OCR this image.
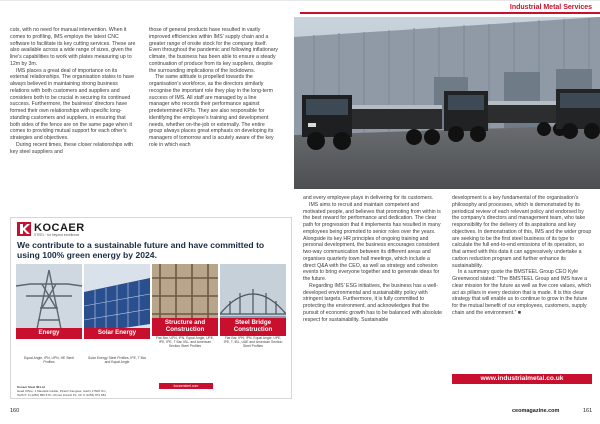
Industrial Metal Services

cuts, with no need for manual intervention. When it comes to profiling, IMS employs the latest CNC software to facilitate its key cutting services. These are also available across a wide range of sizes, given the line’s capabilities to work with plates measuring up to 12m by 3m.

IMS places a great deal of importance on its external relationships. The organisation states to have always believed in maintaining strong business relations with both customers and suppliers and considers both to be crucial in securing its continued success. Furthermore, the business’ directors have formed their own relationships with specific long-standing customers and suppliers, in ensuring that both sides of the fence are on the same page when it comes to providing mutual support for each other’s strategies and objectives.

During recent times, these closer relationships with key steel suppliers and

those of general products have resulted in vastly improved efficiencies within IMS’ supply chain and a greater range of onsite stock for the company itself. Even throughout the pandemic and following inflationary climate, the business has been able to ensure a steady continuation of produce from its key suppliers, despite the surrounding implications of the lockdowns.

The same attitude is propelled towards the organisation’s workforce, as the directors similarly recognise the important role they play in the long-term success of IMS. All staff are managed by a line manager who records their performance against predetermined KPIs. They are also responsible for identifying the employee’s training and development needs, whether on-the-job or externally. The entire group always places great emphasis on developing its managers of tomorrow and is acutely aware of the key role in which each

KOCAER
STEEL · for beyond excellence
We contribute to a sustainable future and have committed to using 100% green energy by 2024.
Energy
Equal Angle, IPN, UPN, HE Steel Profiles
Solar Energy
Solar Energy Steel Profiles, IPE, T Bar and Equal Angle
Structure and Construction
Flat Bar, UPN, IPN, Equal Angle, UPE, IPE, IPE, T Bar, IBL, and American Section Steel Profiles
Steel Bridge Construction
Flat Bar, IPN, IPN, Equal Angle, UPE, IPE, T, IBL, UAE and American Section Steel Profiles
kocaersteel.com
Kocaer Steel IM Ltd
Head Office: 1 Mandela Cadde, Piraziz Kangsas, Gaziri 17500 Izm
Tel/ICT: 0 (1256) 899 679 • Ahmet Icicanli Ptr. 10: 0 (1256) 874 684

and every employee plays in delivering for its customers.

IMS aims to recruit and maintain competent and motivated people, and believes that promoting from within is the best reward for performance and dedication. The clear path for progression that it implements has resulted in many employees being promoted to senior roles over the years. Alongside its key HR principles of ongoing training and personal development, the business encourages consistent two-way communication between its different areas and organises quarterly town hall meetings, which include a direct Q&A with the CEO, as well as strategy and cohesion events to bring everyone together and to generate ideas for the future.

Regarding IMS’ ESG initiatives, the business has a well-developed environmental and sustainability policy with stringent targets. Furthermore, it is fully committed to protecting the environment, and acknowledges that the pursuit of economic growth has to be balanced with absolute respect for sustainability. Sustainable

development is a key fundamental of the organisation’s philosophy and processes, which is demonstrated by its periodical review of each relevant policy and endorsed by the company’s directors and management team, who take responsibility for the delivery of its aspirations and key objectives. In demonstration of this, IMS and the wider group are seeking to be the first steel business of its type to calculate the full end-to-end emissions of its operation, so that armed with this data it can aggressively undertake a carbon reduction program and further enhance its sustainability.

In a summary quote the BMSTEEL Group CEO Kyle Greenwood stated: “The BMSTEEL Group and IMS have a clear mission for the future as well as five core values, which act as pillars in every decision that is made. It is this clear strategy that will enable us to continue to grow in the future for the mutual benefit of our employees, customers, supply chain and the environment.” ■

www.industrialmetal.co.uk
160	ceomagazine.com	161
